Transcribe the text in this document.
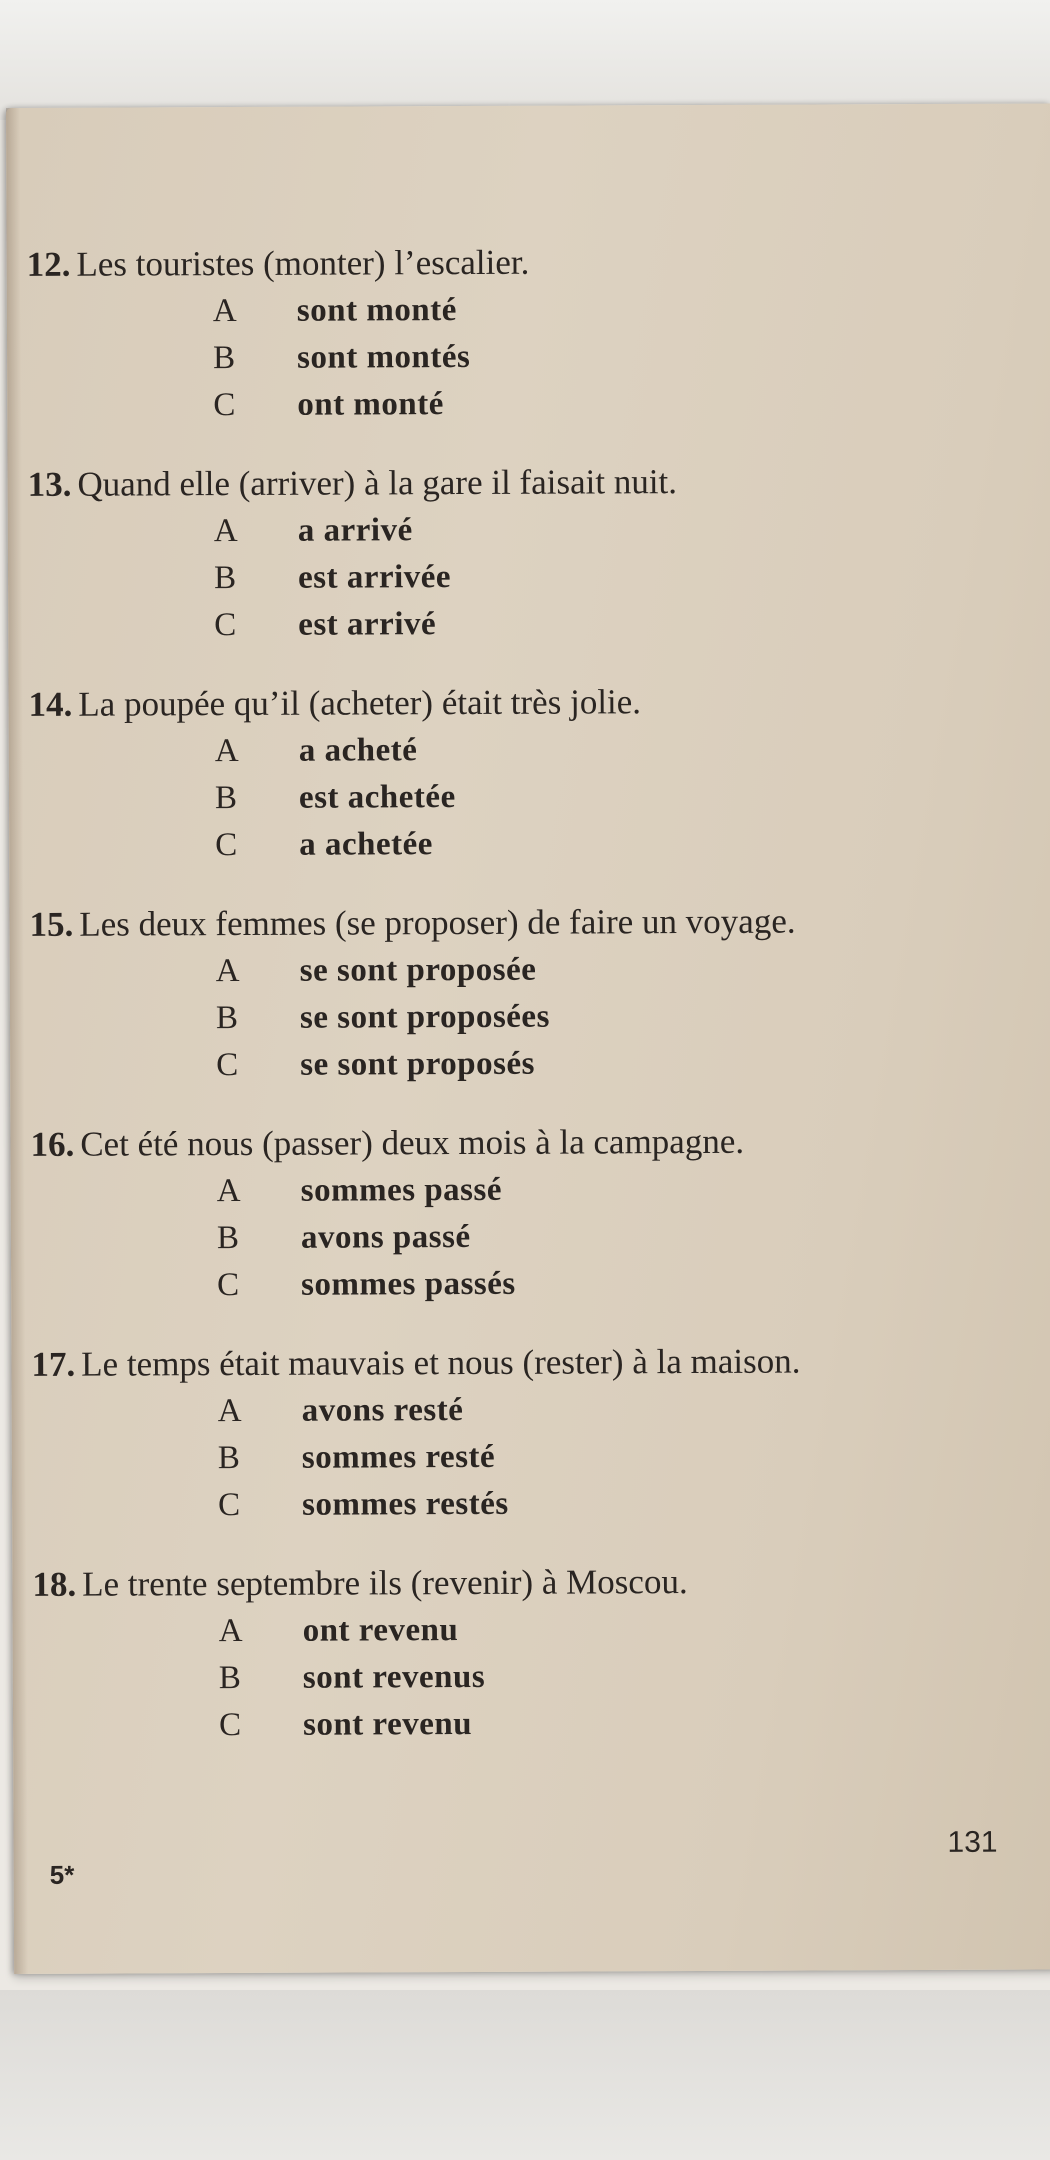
12. Les touristes (monter) l’escalier.
A sont monté
B sont montés
C ont monté
13. Quand elle (arriver) à la gare il faisait nuit.
A a arrivé
B est arrivée
C est arrivé
14. La poupée qu’il (acheter) était très jolie.
A a acheté
B est achetée
C a achetée
15. Les deux femmes (se proposer) de faire un voyage.
A se sont proposée
B se sont proposées
C se sont proposés
16. Cet été nous (passer) deux mois à la campagne.
A sommes passé
B avons passé
C sommes passés
17. Le temps était mauvais et nous (rester) à la maison.
A avons resté
B sommes resté
C sommes restés
18. Le trente septembre ils (revenir) à Moscou.
A ont revenu
B sont revenus
C sont revenu
131
5*
